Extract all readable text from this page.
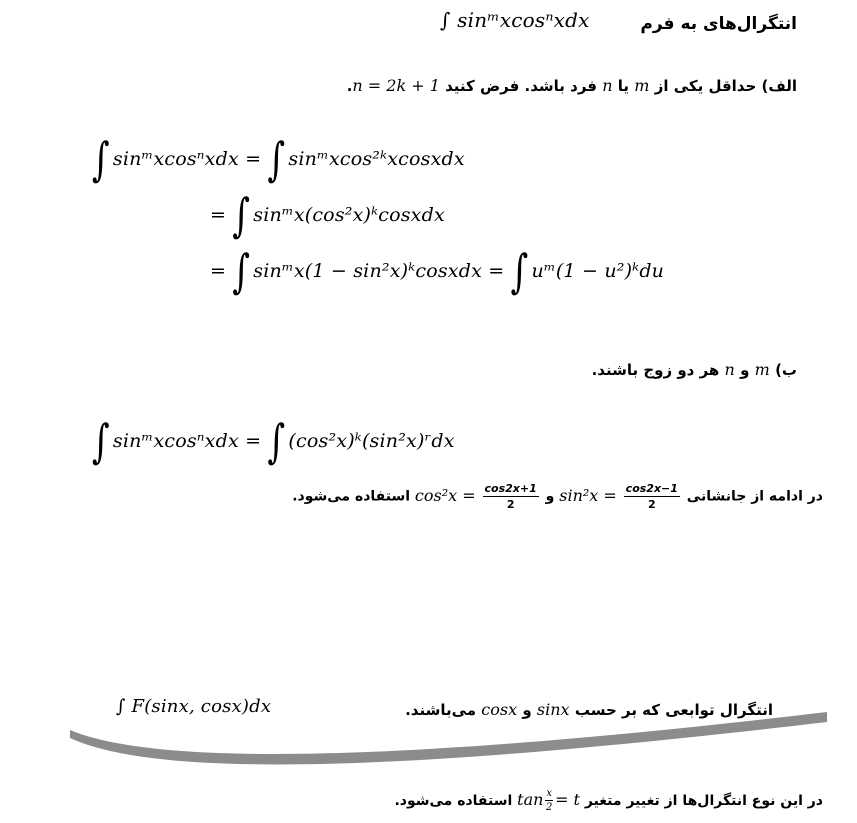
انتگرال‌های به فرم
∫ sinᵐxcosⁿxdx
الف) حداقل یکی از m یا n فرد باشد. فرض کنید n = 2k + 1.
∫ sinᵐxcosⁿxdx = ∫ sinᵐxcos²ᵏxcosxdx
= ∫ sinᵐx(cos²x)ᵏcosxdx
= ∫ sinᵐx(1 − sin²x)ᵏcosxdx = ∫ uᵐ(1 − u²)ᵏdu
ب) m و n هر دو زوج باشند.
∫ sinᵐxcosⁿxdx = ∫ (cos²x)ᵏ(sin²x)ʳdx
در ادامه از جانشانی
$\frac{1-\cos 2x}{2}$
sin²x = و
$\frac{1+\cos 2x}{2}$
cos²x = استفاده می‌شود.
∫ F(sinx, cosx)dx	انتگرال توابعی که بر حسب sinx و cosx می‌باشند.
در این نوع انتگرال‌ها از تغییر متغیر $\tan \frac{x}{2} = t$ استفاده می‌شود.
